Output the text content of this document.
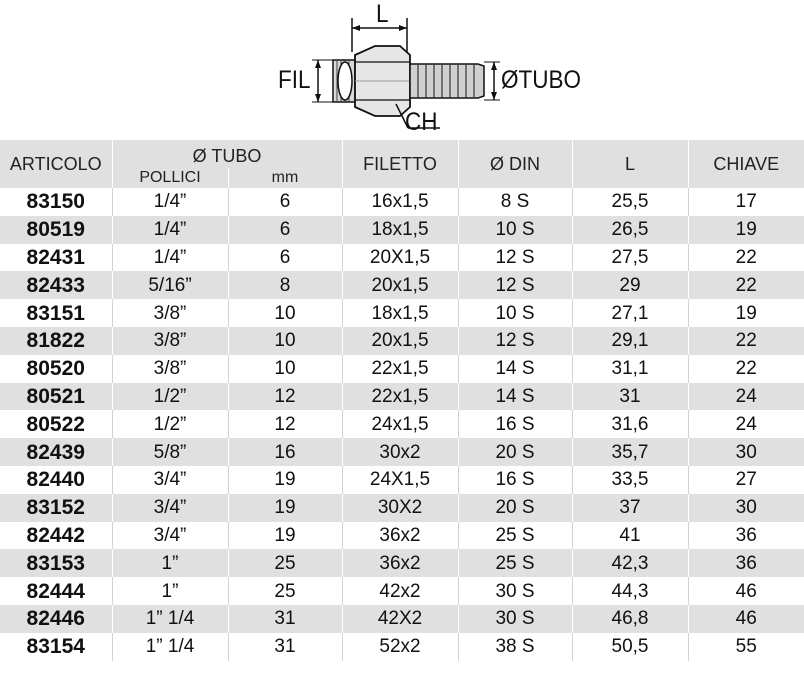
L
FIL	ØTUBO
CH
ARTICOLO	Ø TUBO		FILETTO	Ø DIN	L	CHIAVE
	POLLICI	mm				
83150	1/4”	6	16x1,5	8 S	25,5	17
80519	1/4”	6	18x1,5	10 S	26,5	19
82431	1/4”	6	20X1,5	12 S	27,5	22
82433	5/16”	8	20x1,5	12 S	29	22
83151	3/8”	10	18x1,5	10 S	27,1	19
81822	3/8”	10	20x1,5	12 S	29,1	22
80520	3/8”	10	22x1,5	14 S	31,1	22
80521	1/2”	12	22x1,5	14 S	31	24
80522	1/2”	12	24x1,5	16 S	31,6	24
82439	5/8”	16	30x2	20 S	35,7	30
82440	3/4”	19	24X1,5	16 S	33,5	27
83152	3/4”	19	30X2	20 S	37	30
82442	3/4”	19	36x2	25 S	41	36
83153	1”	25	36x2	25 S	42,3	36
82444	1”	25	42x2	30 S	44,3	46
82446	1” 1/4	31	42X2	30 S	46,8	46
83154	1” 1/4	31	52x2	38 S	50,5	55
